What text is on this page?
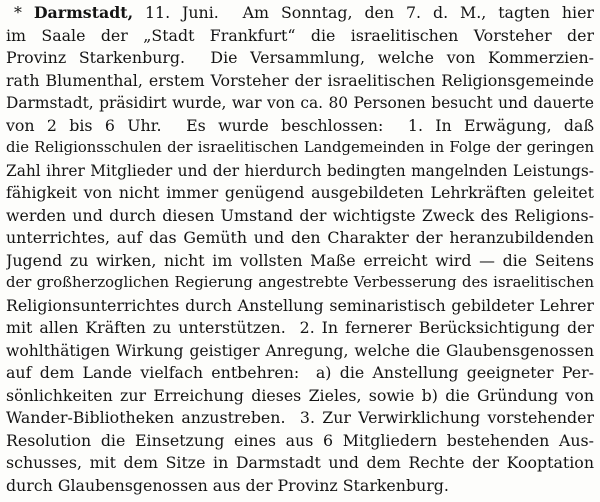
* Darmstadt, 11. Juni.  Am Sonntag, den 7. d. M., tagten hier
im Saale der „Stadt Frankfurt“ die israelitischen Vorsteher der
Provinz Starkenburg.  Die Versammlung, welche von Kommerzien-
rath Blumenthal, erstem Vorsteher der israelitischen Religionsgemeinde
Darmstadt, präsidirt wurde, war von ca. 80 Personen besucht und dauerte
von 2 bis 6 Uhr.  Es wurde beschlossen:  1. In Erwägung, daß
die Religionsschulen der israelitischen Landgemeinden in Folge der geringen
Zahl ihrer Mitglieder und der hierdurch bedingten mangelnden Leistungs-
fähigkeit von nicht immer genügend ausgebildeten Lehrkräften geleitet
werden und durch diesen Umstand der wichtigste Zweck des Religions-
unterrichtes, auf das Gemüth und den Charakter der heranzubildenden
Jugend zu wirken, nicht im vollsten Maße erreicht wird — die Seitens
der großherzoglichen Regierung angestrebte Verbesserung des israelitischen
Religionsunterrichtes durch Anstellung seminaristisch gebildeter Lehrer
mit allen Kräften zu unterstützen.  2. In fernerer Berücksichtigung der
wohlthätigen Wirkung geistiger Anregung, welche die Glaubensgenossen
auf dem Lande vielfach entbehren:  a) die Anstellung geeigneter Per-
sönlichkeiten zur Erreichung dieses Zieles, sowie b) die Gründung von
Wander-Bibliotheken anzustreben.  3. Zur Verwirklichung vorstehender
Resolution die Einsetzung eines aus 6 Mitgliedern bestehenden Aus-
schusses, mit dem Sitze in Darmstadt und dem Rechte der Kooptation
durch Glaubensgenossen aus der Provinz Starkenburg.
